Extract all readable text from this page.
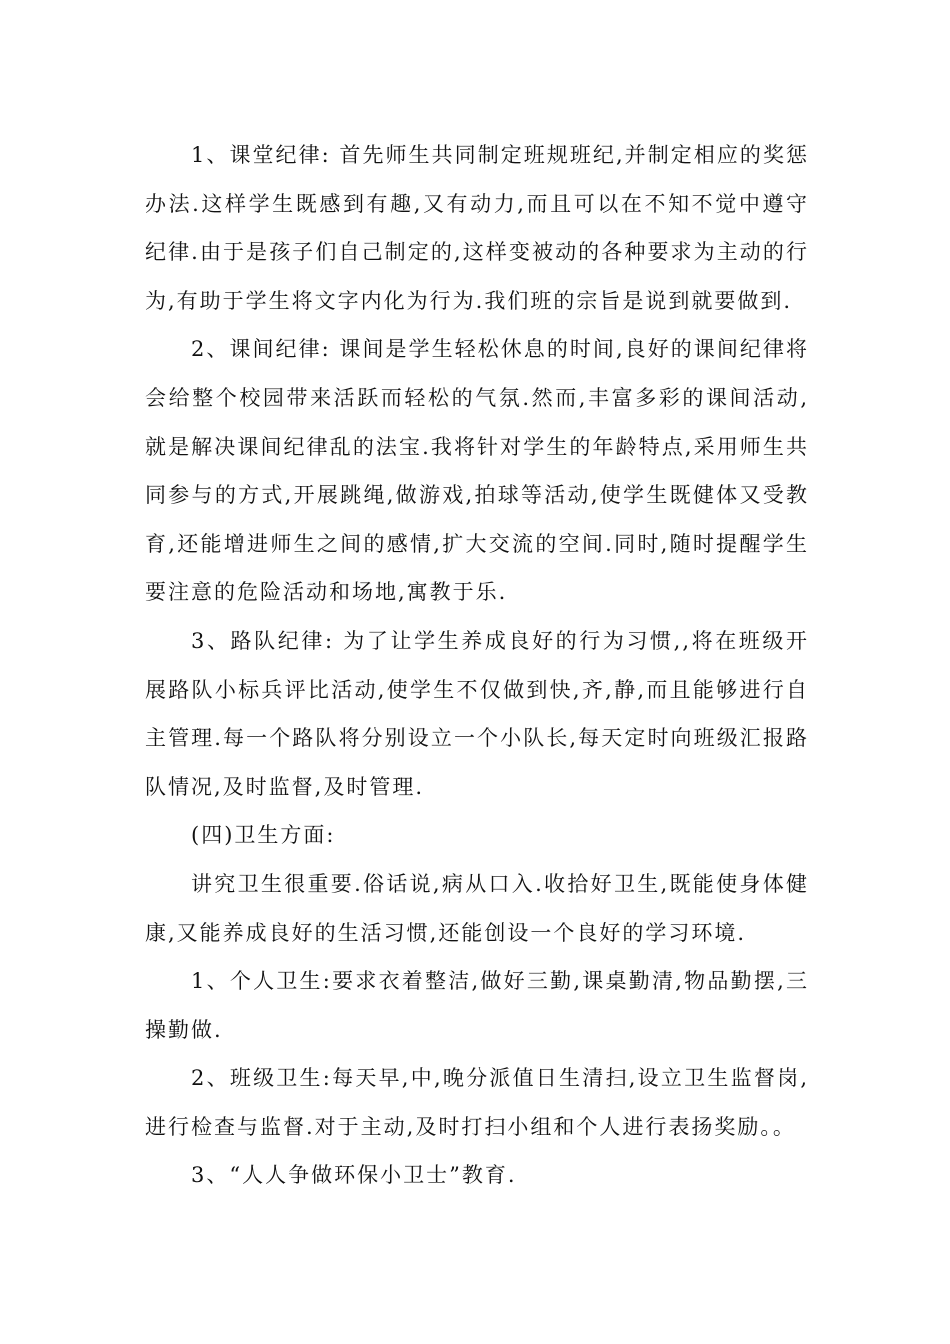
1、课堂纪律: 首先师生共同制定班规班纪,并制定相应的奖惩办法.这样学生既感到有趣,又有动力,而且可以在不知不觉中遵守纪律.由于是孩子们自己制定的,这样变被动的各种要求为主动的行为,有助于学生将文字内化为行为.我们班的宗旨是说到就要做到.

2、课间纪律: 课间是学生轻松休息的时间,良好的课间纪律将会给整个校园带来活跃而轻松的气氛.然而,丰富多彩的课间活动,就是解决课间纪律乱的法宝.我将针对学生的年龄特点,采用师生共同参与的方式,开展跳绳,做游戏,拍球等活动,使学生既健体又受教育,还能增进师生之间的感情,扩大交流的空间.同时,随时提醒学生要注意的危险活动和场地,寓教于乐.

3、路队纪律: 为了让学生养成良好的行为习惯,,将在班级开展路队小标兵评比活动,使学生不仅做到快,齐,静,而且能够进行自主管理.每一个路队将分别设立一个小队长,每天定时向班级汇报路队情况,及时监督,及时管理.

(四)卫生方面:

讲究卫生很重要.俗话说,病从口入.收拾好卫生,既能使身体健康,又能养成良好的生活习惯,还能创设一个良好的学习环境.

1、个人卫生:要求衣着整洁,做好三勤,课桌勤清,物品勤摆,三操勤做.

2、班级卫生:每天早,中,晚分派值日生清扫,设立卫生监督岗,进行检查与监督.对于主动,及时打扫小组和个人进行表扬奖励。。

3、“人人争做环保小卫士”教育.
